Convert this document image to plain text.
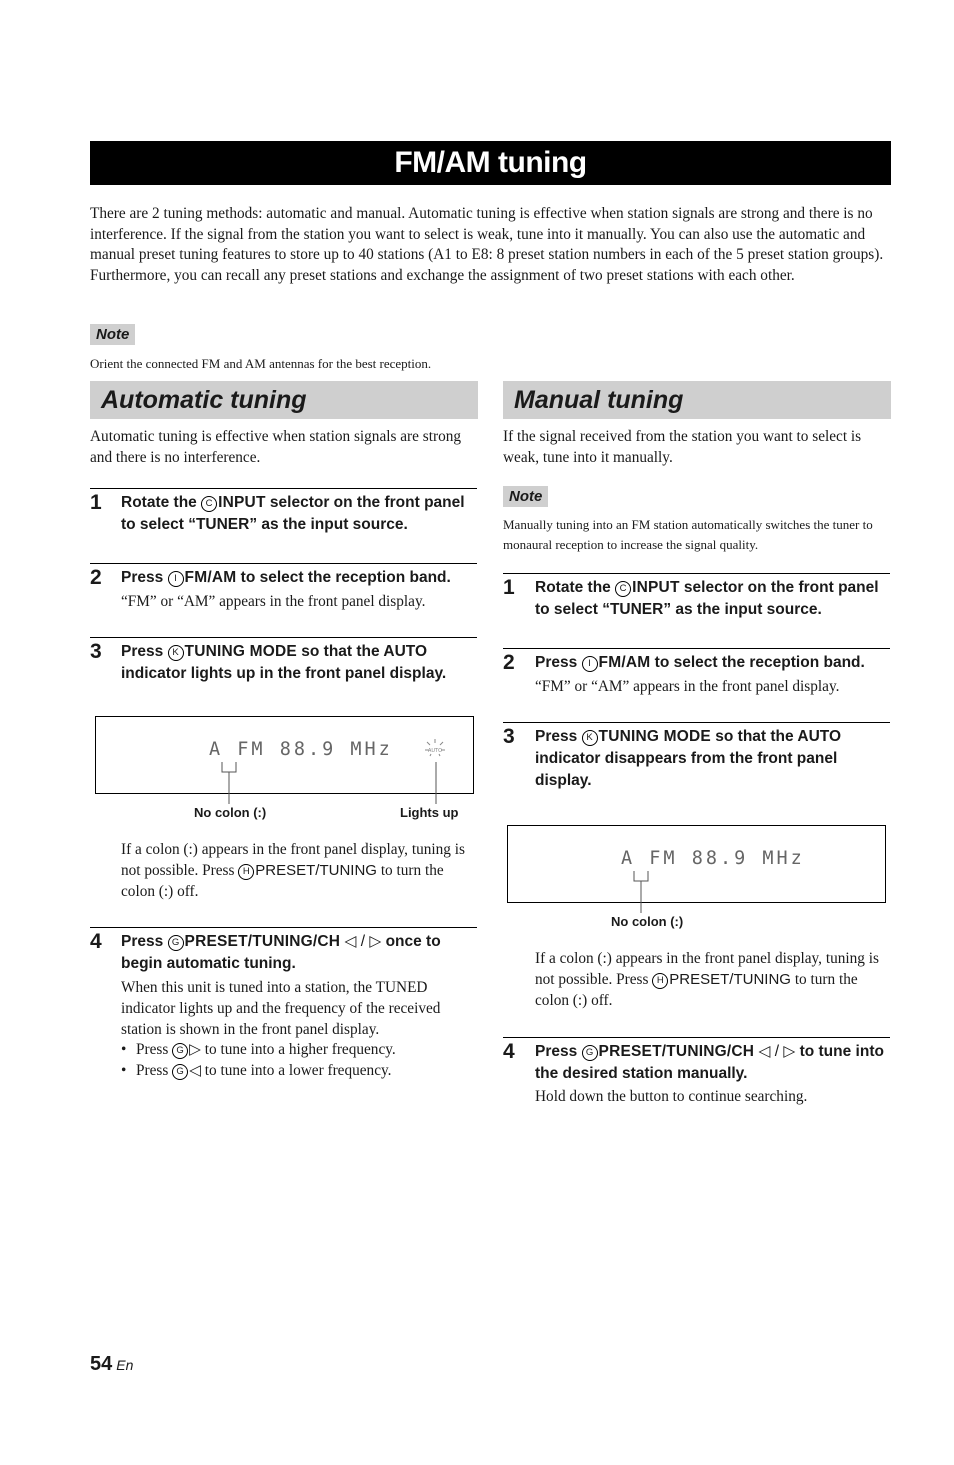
FM/AM tuning

There are 2 tuning methods: automatic and manual. Automatic tuning is effective when station signals are strong and there is no interference. If the signal from the station you want to select is weak, tune into it manually. You can also use the automatic and manual preset tuning features to store up to 40 stations (A1 to E8: 8 preset station numbers in each of the 5 preset station groups). Furthermore, you can recall any preset stations and exchange the assignment of two preset stations with each other.

Note

Orient the connected FM and AM antennas for the best reception.

Automatic tuning

Automatic tuning is effective when station signals are strong and there is no interference.

1 Rotate the C INPUT selector on the front panel to select “TUNER” as the input source.

2 Press I FM/AM to select the reception band.

“FM” or “AM” appears in the front panel display.

3 Press K TUNING MODE so that the AUTO indicator lights up in the front panel display.

A FM 88.9 MHz	AUTO
No colon (:)	Lights up

If a colon (:) appears in the front panel display, tuning is not possible. Press H PRESET/TUNING to turn the colon (:) off.

4 Press G PRESET/TUNING/CH ◁ / ▷ once to begin automatic tuning.

When this unit is tuned into a station, the TUNED indicator lights up and the frequency of the received station is shown in the front panel display.

• Press G ▷ to tune into a higher frequency.
• Press G ◁ to tune into a lower frequency.
Manual tuning

If the signal received from the station you want to select is weak, tune into it manually.

Note

Manually tuning into an FM station automatically switches the tuner to monaural reception to increase the signal quality.

1 Rotate the C INPUT selector on the front panel to select “TUNER” as the input source.

2 Press I FM/AM to select the reception band.

“FM” or “AM” appears in the front panel display.

3 Press K TUNING MODE so that the AUTO indicator disappears from the front panel display.

A FM 88.9 MHz
No colon (:)

If a colon (:) appears in the front panel display, tuning is not possible. Press H PRESET/TUNING to turn the colon (:) off.

4 Press G PRESET/TUNING/CH ◁ / ▷ to tune into the desired station manually.

Hold down the button to continue searching.

54 En
